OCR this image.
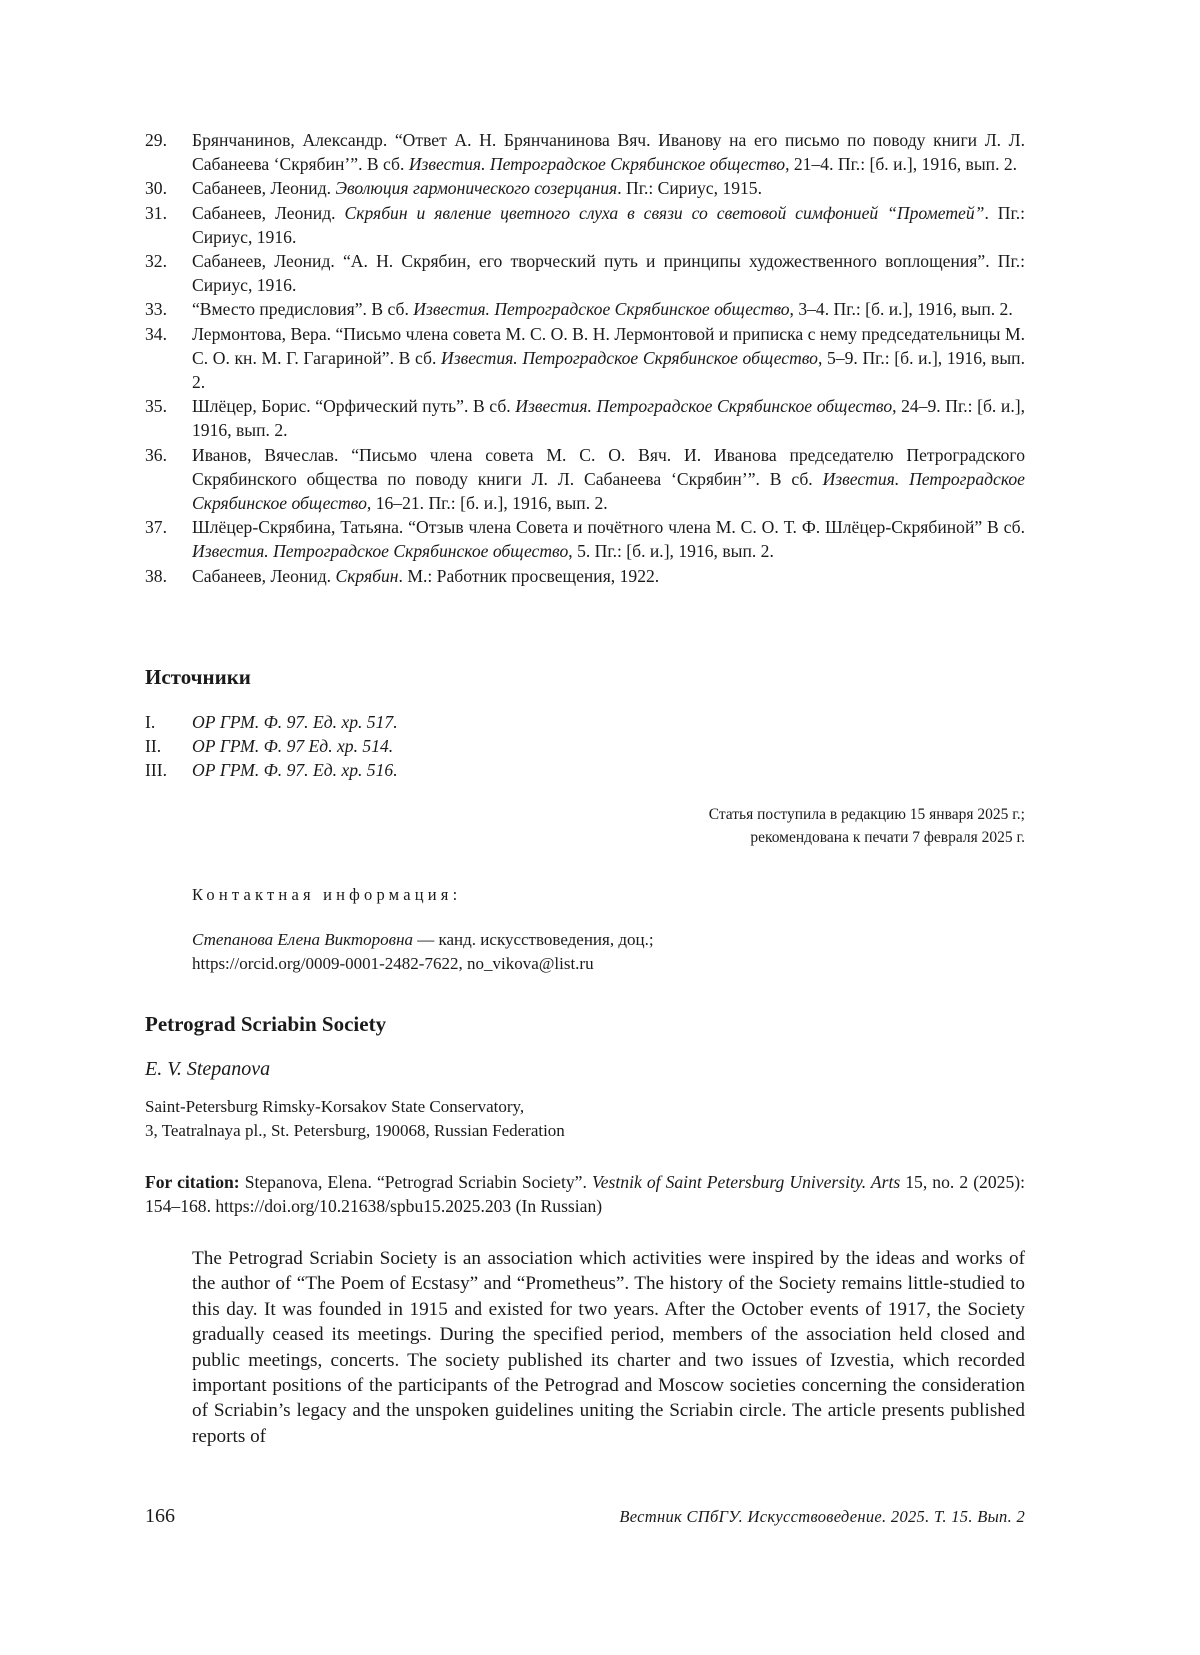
29. Брянчанинов, Александр. “Ответ А. Н. Брянчанинова Вяч. Иванову на его письмо по поводу книги Л. Л. Сабанеева ‘Скрябин’”. В сб. Известия. Петроградское Скрябинское общество, 21–4. Пг.: [б. и.], 1916, вып. 2.
30. Сабанеев, Леонид. Эволюция гармонического созерцания. Пг.: Сириус, 1915.
31. Сабанеев, Леонид. Скрябин и явление цветного слуха в связи со световой симфонией “Прометей”. Пг.: Сириус, 1916.
32. Сабанеев, Леонид. “А. Н. Скрябин, его творческий путь и принципы художественного воплощения”. Пг.: Сириус, 1916.
33. “Вместо предисловия”. В сб. Известия. Петроградское Скрябинское общество, 3–4. Пг.: [б. и.], 1916, вып. 2.
34. Лермонтова, Вера. “Письмо члена совета М. С. О. В. Н. Лермонтовой и приписка с нему председательницы М. С. О. кн. М. Г. Гагариной”. В сб. Известия. Петроградское Скрябинское общество, 5–9. Пг.: [б. и.], 1916, вып. 2.
35. Шлёцер, Борис. “Орфический путь”. В сб. Известия. Петроградское Скрябинское общество, 24–9. Пг.: [б. и.], 1916, вып. 2.
36. Иванов, Вячеслав. “Письмо члена совета М. С. О. Вяч. И. Иванова председателю Петроградского Скрябинского общества по поводу книги Л. Л. Сабанеева ‘Скрябин’”. В сб. Известия. Петроградское Скрябинское общество, 16–21. Пг.: [б. и.], 1916, вып. 2.
37. Шлёцер-Скрябина, Татьяна. “Отзыв члена Совета и почётного члена М. С. О. Т. Ф. Шлёцер-Скрябиной” В сб. Известия. Петроградское Скрябинское общество, 5. Пг.: [б. и.], 1916, вып. 2.
38. Сабанеев, Леонид. Скрябин. М.: Работник просвещения, 1922.
Источники
I. ОР ГРМ. Ф. 97. Ед. хр. 517.
II. ОР ГРМ. Ф. 97 Ед. хр. 514.
III. ОР ГРМ. Ф. 97. Ед. хр. 516.
Статья поступила в редакцию 15 января 2025 г.;
рекомендована к печати 7 февраля 2025 г.
Контактная информация:
Степанова Елена Викторовна — канд. искусствоведения, доц.;
https://orcid.org/0009-0001-2482-7622, no_vikova@list.ru
Petrograd Scriabin Society
E. V. Stepanova
Saint-Petersburg Rimsky-Korsakov State Conservatory,
3, Teatralnaya pl., St. Petersburg, 190068, Russian Federation
For citation: Stepanova, Elena. “Petrograd Scriabin Society”. Vestnik of Saint Petersburg University. Arts 15, no. 2 (2025): 154–168. https://doi.org/10.21638/spbu15.2025.203 (In Russian)
The Petrograd Scriabin Society is an association which activities were inspired by the ideas and works of the author of “The Poem of Ecstasy” and “Prometheus”. The history of the Society remains little-studied to this day. It was founded in 1915 and existed for two years. After the October events of 1917, the Society gradually ceased its meetings. During the specified period, members of the association held closed and public meetings, concerts. The society published its charter and two issues of Izvestia, which recorded important positions of the participants of the Petrograd and Moscow societies concerning the consideration of Scriabin’s legacy and the unspoken guidelines uniting the Scriabin circle. The article presents published reports of
166	Вестник СПбГУ. Искусствоведение. 2025. Т. 15. Вып. 2
